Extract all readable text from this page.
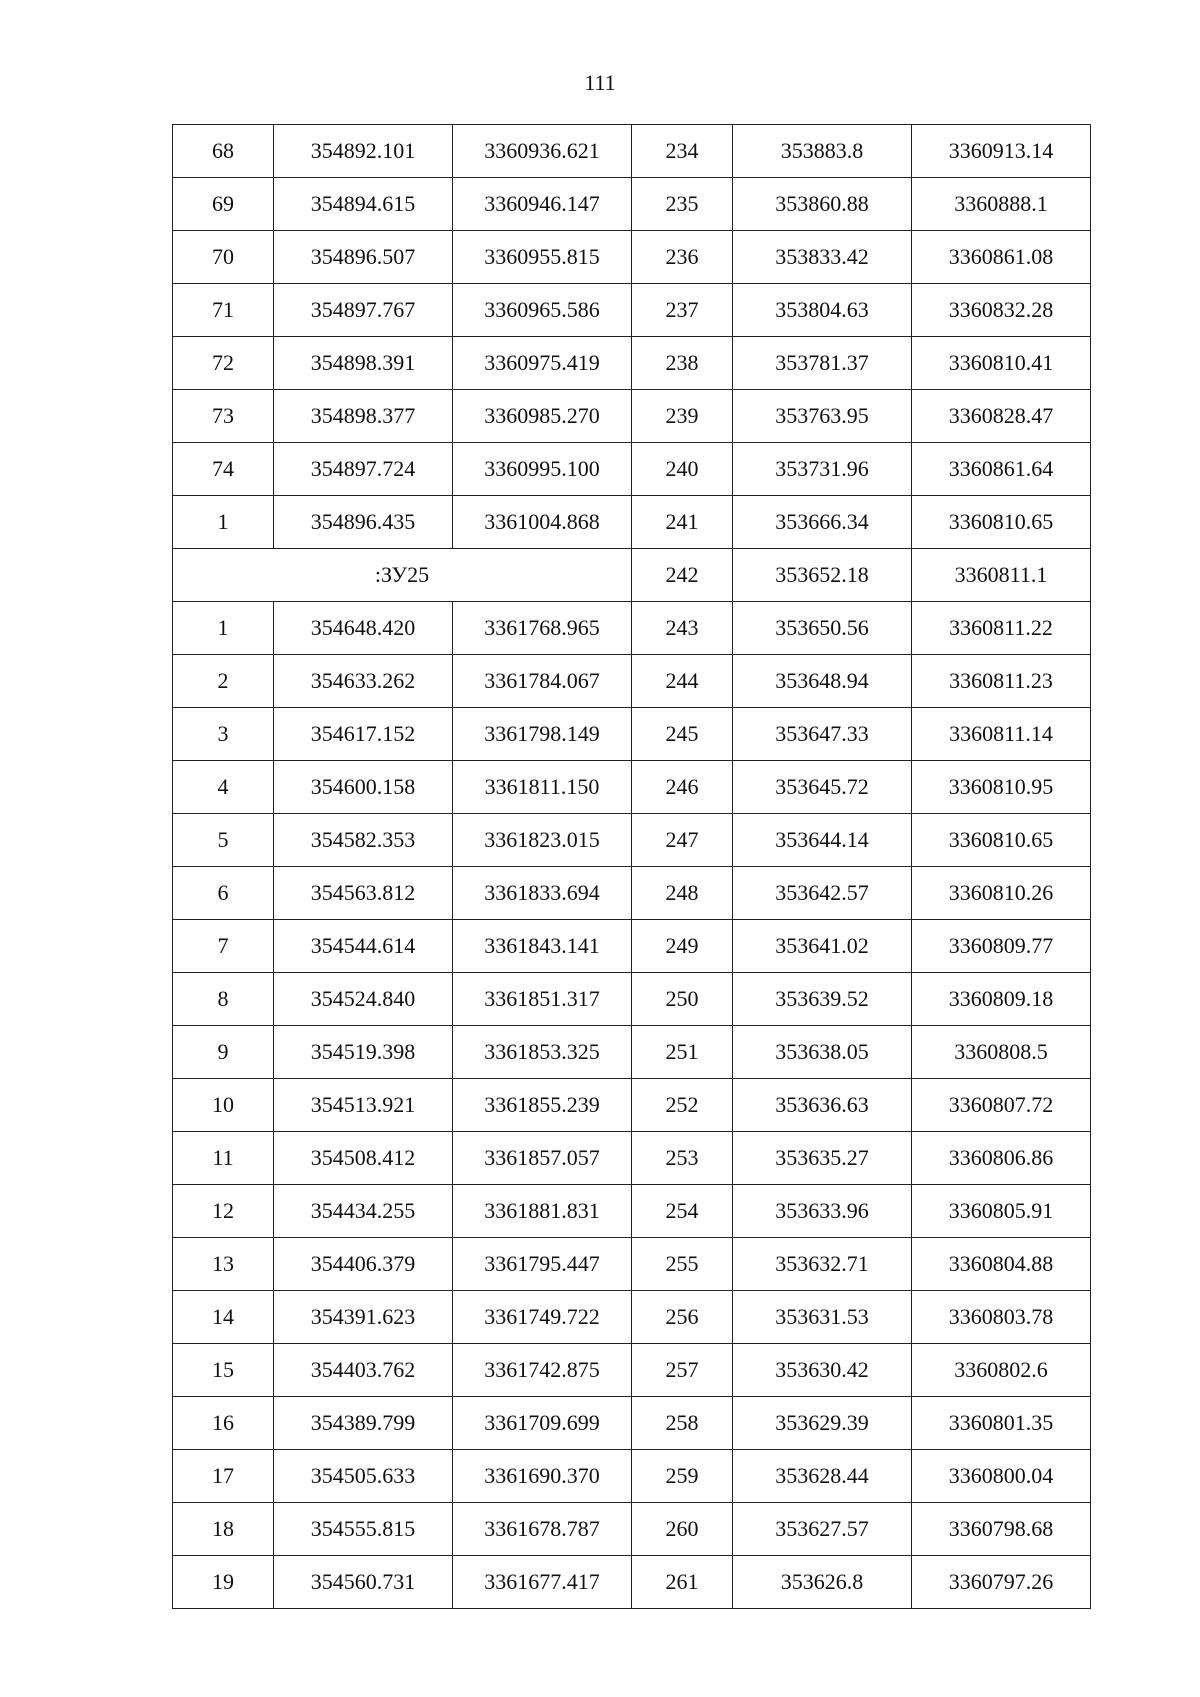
111
68	354892.101	3360936.621	234	353883.8	3360913.14
69	354894.615	3360946.147	235	353860.88	3360888.1
70	354896.507	3360955.815	236	353833.42	3360861.08
71	354897.767	3360965.586	237	353804.63	3360832.28
72	354898.391	3360975.419	238	353781.37	3360810.41
73	354898.377	3360985.270	239	353763.95	3360828.47
74	354897.724	3360995.100	240	353731.96	3360861.64
1	354896.435	3361004.868	241	353666.34	3360810.65
:ЗУ25			242	353652.18	3360811.1
1	354648.420	3361768.965	243	353650.56	3360811.22
2	354633.262	3361784.067	244	353648.94	3360811.23
3	354617.152	3361798.149	245	353647.33	3360811.14
4	354600.158	3361811.150	246	353645.72	3360810.95
5	354582.353	3361823.015	247	353644.14	3360810.65
6	354563.812	3361833.694	248	353642.57	3360810.26
7	354544.614	3361843.141	249	353641.02	3360809.77
8	354524.840	3361851.317	250	353639.52	3360809.18
9	354519.398	3361853.325	251	353638.05	3360808.5
10	354513.921	3361855.239	252	353636.63	3360807.72
11	354508.412	3361857.057	253	353635.27	3360806.86
12	354434.255	3361881.831	254	353633.96	3360805.91
13	354406.379	3361795.447	255	353632.71	3360804.88
14	354391.623	3361749.722	256	353631.53	3360803.78
15	354403.762	3361742.875	257	353630.42	3360802.6
16	354389.799	3361709.699	258	353629.39	3360801.35
17	354505.633	3361690.370	259	353628.44	3360800.04
18	354555.815	3361678.787	260	353627.57	3360798.68
19	354560.731	3361677.417	261	353626.8	3360797.26
